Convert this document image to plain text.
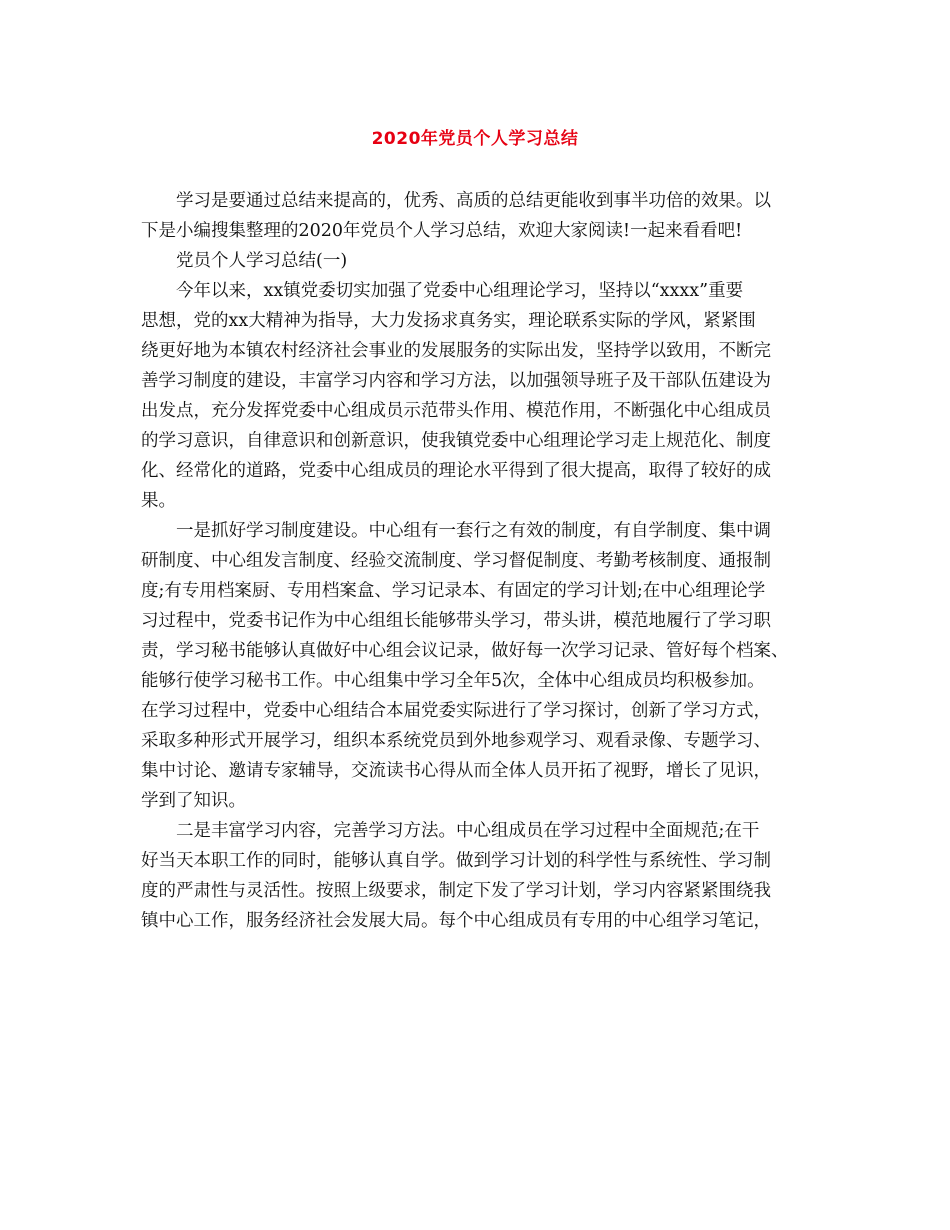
2020年党员个人学习总结

学习是要通过总结来提高的，优秀、高质的总结更能收到事半功倍的效果。以
下是小编搜集整理的2020年党员个人学习总结，欢迎大家阅读!一起来看看吧!

党员个人学习总结(一)

今年以来，xx镇党委切实加强了党委中心组理论学习，坚持以“xxxx”重要
思想，党的xx大精神为指导，大力发扬求真务实，理论联系实际的学风，紧紧围
绕更好地为本镇农村经济社会事业的发展服务的实际出发，坚持学以致用，不断完
善学习制度的建设，丰富学习内容和学习方法，以加强领导班子及干部队伍建设为
出发点，充分发挥党委中心组成员示范带头作用、模范作用，不断强化中心组成员
的学习意识，自律意识和创新意识，使我镇党委中心组理论学习走上规范化、制度
化、经常化的道路，党委中心组成员的理论水平得到了很大提高，取得了较好的成
果。

一是抓好学习制度建设。中心组有一套行之有效的制度，有自学制度、集中调
研制度、中心组发言制度、经验交流制度、学习督促制度、考勤考核制度、通报制
度;有专用档案厨、专用档案盒、学习记录本、有固定的学习计划;在中心组理论学
习过程中，党委书记作为中心组组长能够带头学习，带头讲，模范地履行了学习职
责，学习秘书能够认真做好中心组会议记录，做好每一次学习记录、管好每个档案、
能够行使学习秘书工作。中心组集中学习全年5次，全体中心组成员均积极参加。
在学习过程中，党委中心组结合本届党委实际进行了学习探讨，创新了学习方式，
采取多种形式开展学习，组织本系统党员到外地参观学习、观看录像、专题学习、
集中讨论、邀请专家辅导，交流读书心得从而全体人员开拓了视野，增长了见识，
学到了知识。

二是丰富学习内容，完善学习方法。中心组成员在学习过程中全面规范;在干
好当天本职工作的同时，能够认真自学。做到学习计划的科学性与系统性、学习制
度的严肃性与灵活性。按照上级要求，制定下发了学习计划，学习内容紧紧围绕我
镇中心工作，服务经济社会发展大局。每个中心组成员有专用的中心组学习笔记，
